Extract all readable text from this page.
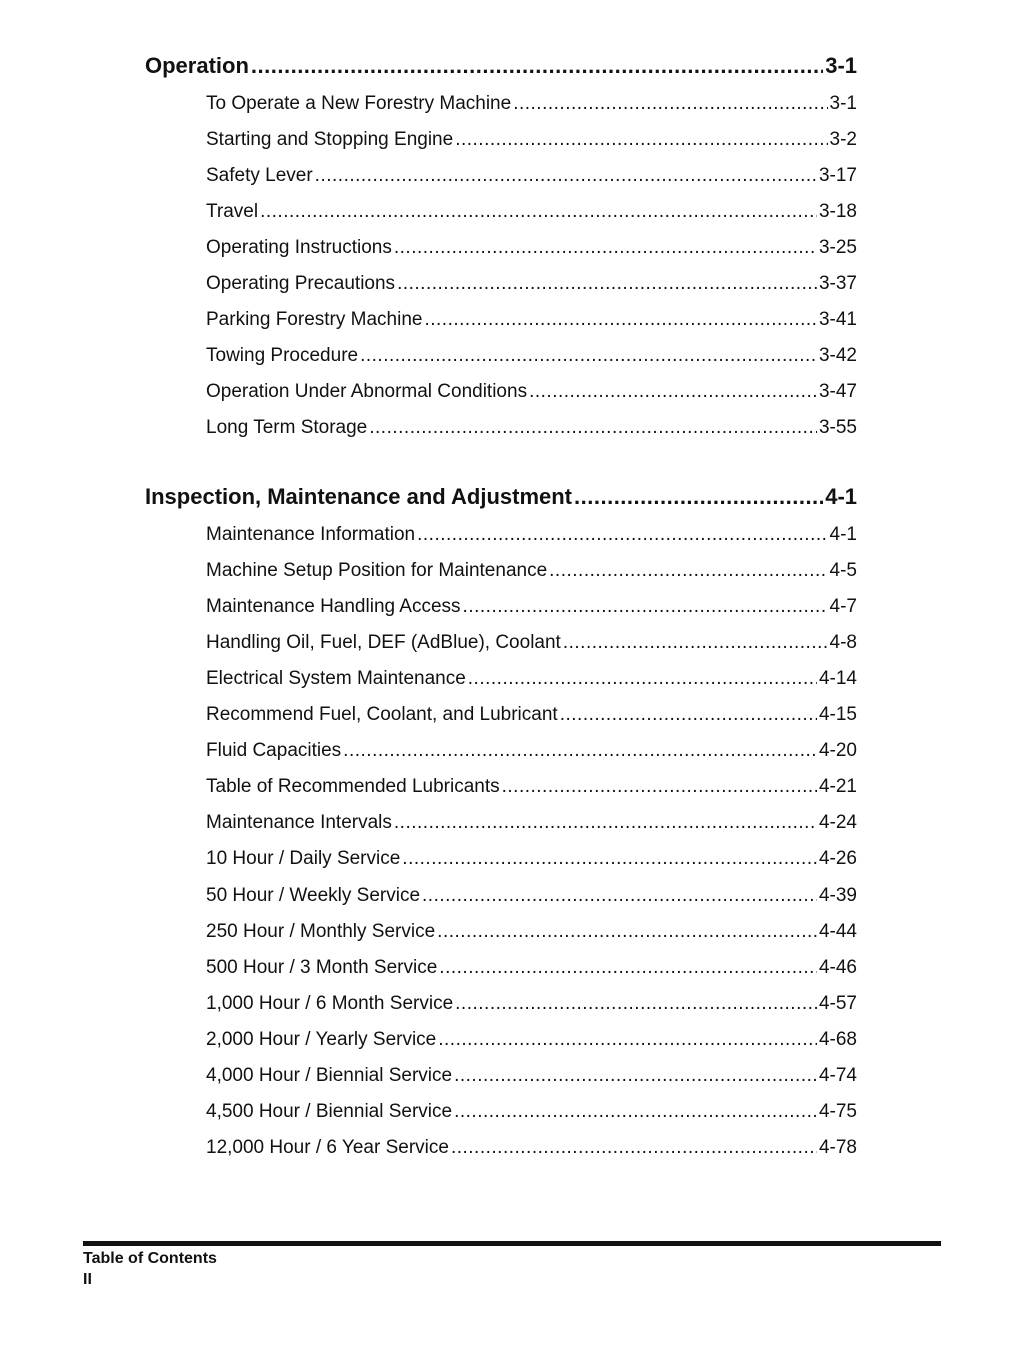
Operation .....	3-1
To Operate a New Forestry Machine .....	3-1
Starting and Stopping Engine .....	3-2
Safety Lever .....	3-17
Travel .....	3-18
Operating Instructions .....	3-25
Operating Precautions .....	3-37
Parking Forestry Machine .....	3-41
Towing Procedure .....	3-42
Operation Under Abnormal Conditions .....	3-47
Long Term Storage .....	3-55
Inspection, Maintenance and Adjustment .....	4-1
Maintenance Information .....	4-1
Machine Setup Position for Maintenance .....	4-5
Maintenance Handling Access .....	4-7
Handling Oil, Fuel, DEF (AdBlue), Coolant .....	4-8
Electrical System Maintenance .....	4-14
Recommend Fuel, Coolant, and Lubricant .....	4-15
Fluid Capacities .....	4-20
Table of Recommended Lubricants .....	4-21
Maintenance Intervals .....	4-24
10 Hour / Daily Service .....	4-26
50 Hour / Weekly Service .....	4-39
250 Hour / Monthly Service .....	4-44
500 Hour / 3 Month Service .....	4-46
1,000 Hour / 6 Month Service .....	4-57
2,000 Hour / Yearly Service .....	4-68
4,000 Hour / Biennial Service .....	4-74
4,500 Hour / Biennial Service .....	4-75
12,000 Hour / 6 Year Service .....	4-78
Table of Contents
II
